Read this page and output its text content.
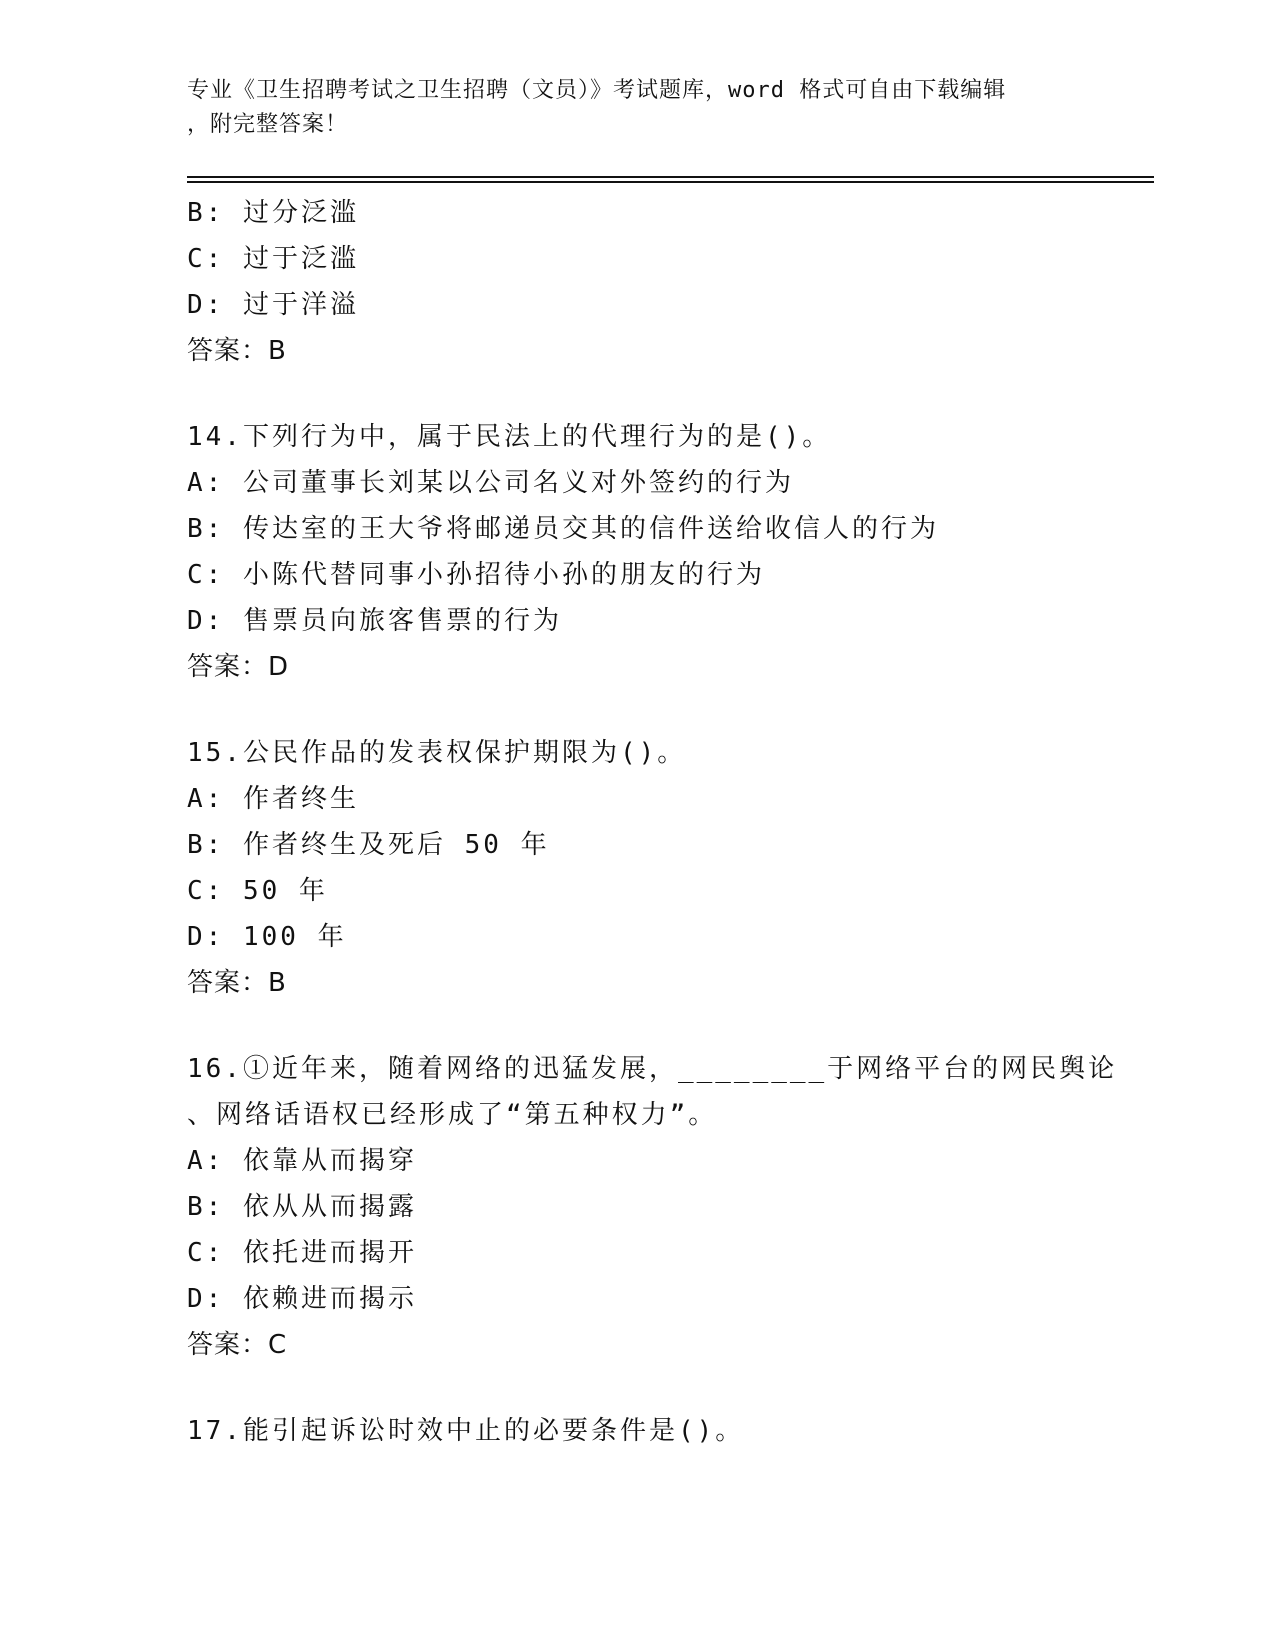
专业《卫生招聘考试之卫生招聘（文员）》考试题库，word 格式可自由下载编辑
，附完整答案！
B: 过分泛滥
C: 过于泛滥
D: 过于洋溢
答案：B
14.下列行为中，属于民法上的代理行为的是()。
A: 公司董事长刘某以公司名义对外签约的行为
B: 传达室的王大爷将邮递员交其的信件送给收信人的行为
C: 小陈代替同事小孙招待小孙的朋友的行为
D: 售票员向旅客售票的行为
答案：D
15.公民作品的发表权保护期限为()。
A: 作者终生
B: 作者终生及死后 50 年
C: 50 年
D: 100 年
答案：B
16.①近年来，随着网络的迅猛发展，________于网络平台的网民舆论
、网络话语权已经形成了“第五种权力”。
A: 依靠从而揭穿
B: 依从从而揭露
C: 依托进而揭开
D: 依赖进而揭示
答案：C
17.能引起诉讼时效中止的必要条件是()。
